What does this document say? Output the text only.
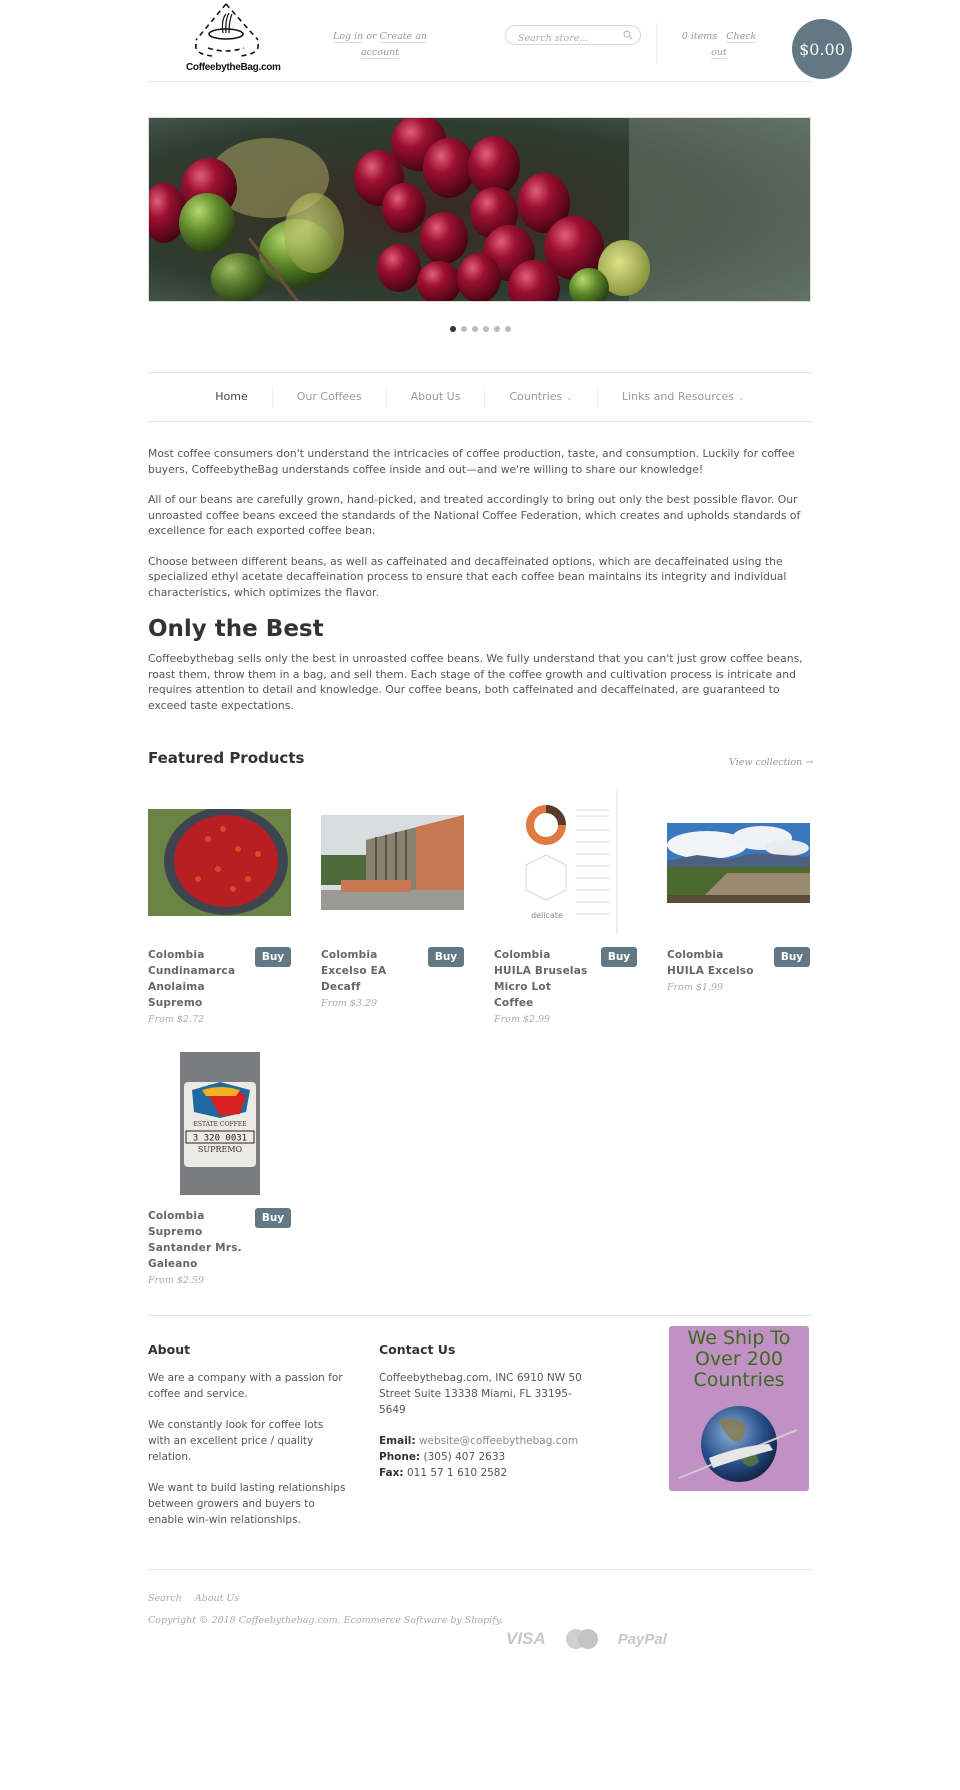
CoffeebytheBag.com
Log in or Create an account
Search store...
0 items Check out	$0.00
Home	Our Coffees	About Us	Countries ⌄	Links and Resources ⌄

Most coffee consumers don't understand the intricacies of coffee production, taste, and consumption. Luckily for coffee buyers, CoffeebytheBag understands coffee inside and out—and we're willing to share our knowledge!

All of our beans are carefully grown, hand-picked, and treated accordingly to bring out only the best possible flavor. Our unroasted coffee beans exceed the standards of the National Coffee Federation, which creates and upholds standards of excellence for each exported coffee bean.

Choose between different beans, as well as caffeinated and decaffeinated options, which are decaffeinated using the specialized ethyl acetate decaffeination process to ensure that each coffee bean maintains its integrity and individual characteristics, which optimizes the flavor.

Only the Best

Coffeebythebag sells only the best in unroasted coffee beans. We fully understand that you can't just grow coffee beans, roast them, throw them in a bag, and sell them. Each stage of the coffee growth and cultivation process is intricate and requires attention to detail and knowledge. Our coffee beans, both caffeinated and decaffeinated, are guaranteed to exceed taste expectations.

Featured Products	View collection →
Buy
Colombia Cundinamarca Anolaima Supremo
From $2.72
Buy
Colombia Excelso EA Decaff
From $3.29
delicate
Buy
Colombia HUILA Bruselas Micro Lot Coffee
From $2.99
Buy
Colombia HUILA Excelso
From $1.99
ESTATE COFFEE
3 320 0031
SUPREMO
Buy
Colombia Supremo Santander Mrs. Galeano
From $2.59
About

We are a company with a passion for coffee and service.

We constantly look for coffee lots with an excellent price / quality relation.

We want to build lasting relationships between growers and buyers to enable win-win relationships.

Contact Us

Coffeebythebag.com, INC 6910 NW 50 Street Suite 13338 Miami, FL 33195-5649

Email: website@coffeebythebag.com
Phone: (305) 407 2633
Fax: 011 57 1 610 2582
We Ship To Over 200 Countries
Search About Us
Copyright © 2018 Coffeebythebag.com. Ecommerce Software by Shopify.
VISA	PayPal
